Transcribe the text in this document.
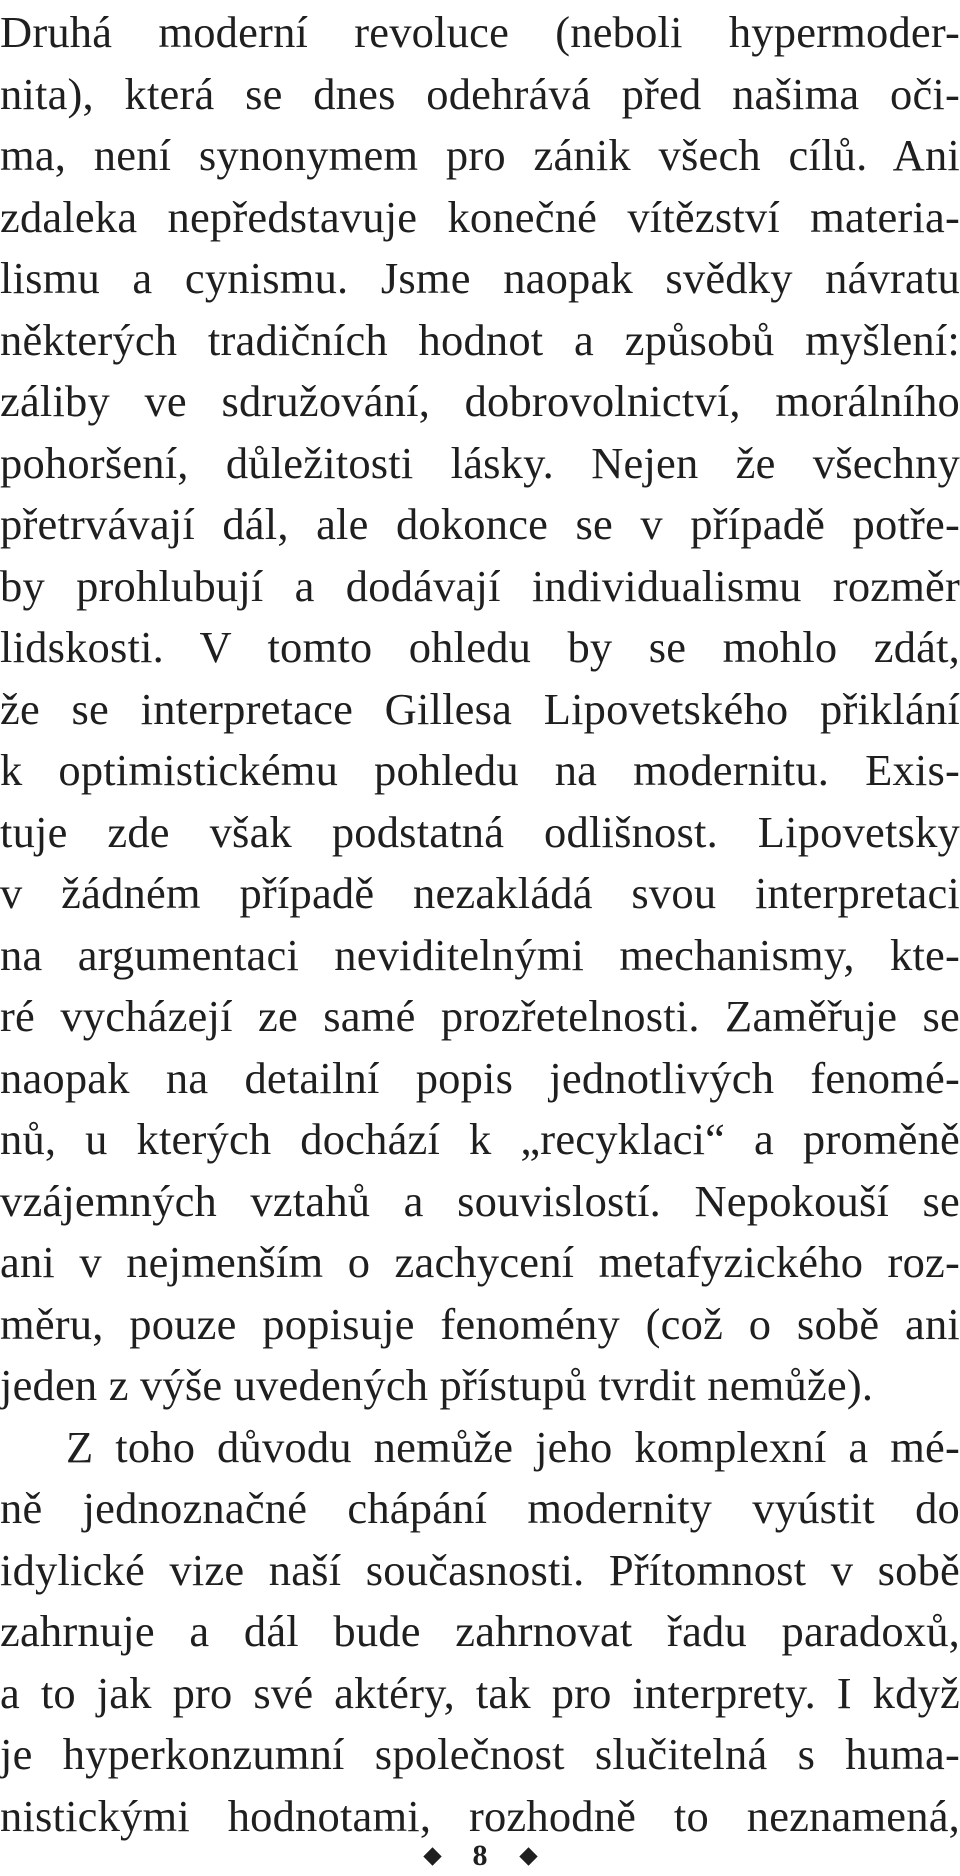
Druhá moderní revoluce (neboli hypermoder-
nita), která se dnes odehrává před našima oči-
ma, není synonymem pro zánik všech cílů. Ani
zdaleka nepředstavuje konečné vítězství materia-
lismu a cynismu. Jsme naopak svědky návratu
některých tradičních hodnot a způsobů myšlení:
záliby ve sdružování, dobrovolnictví, morálního
pohoršení, důležitosti lásky. Nejen že všechny
přetrvávají dál, ale dokonce se v případě potře-
by prohlubují a dodávají individualismu rozměr
lidskosti. V tomto ohledu by se mohlo zdát,
že se interpretace Gillesa Lipovetského přiklání
k optimistickému pohledu na modernitu. Exis-
tuje zde však podstatná odlišnost. Lipovetsky
v žádném případě nezakládá svou interpretaci
na argumentaci neviditelnými mechanismy, kte-
ré vycházejí ze samé prozřetelnosti. Zaměřuje se
naopak na detailní popis jednotlivých fenomé-
nů, u kterých dochází k „recyklaci“ a proměně
vzájemných vztahů a souvislostí. Nepokouší se
ani v nejmenším o zachycení metafyzického roz-
měru, pouze popisuje fenomény (což o sobě ani
jeden z výše uvedených přístupů tvrdit nemůže).
Z toho důvodu nemůže jeho komplexní a mé-
ně jednoznačné chápání modernity vyústit do
idylické vize naší současnosti. Přítomnost v sobě
zahrnuje a dál bude zahrnovat řadu paradoxů,
a to jak pro své aktéry, tak pro interprety. I když
je hyperkonzumní společnost slučitelná s huma-
nistickými hodnotami, rozhodně to neznamená,
8
